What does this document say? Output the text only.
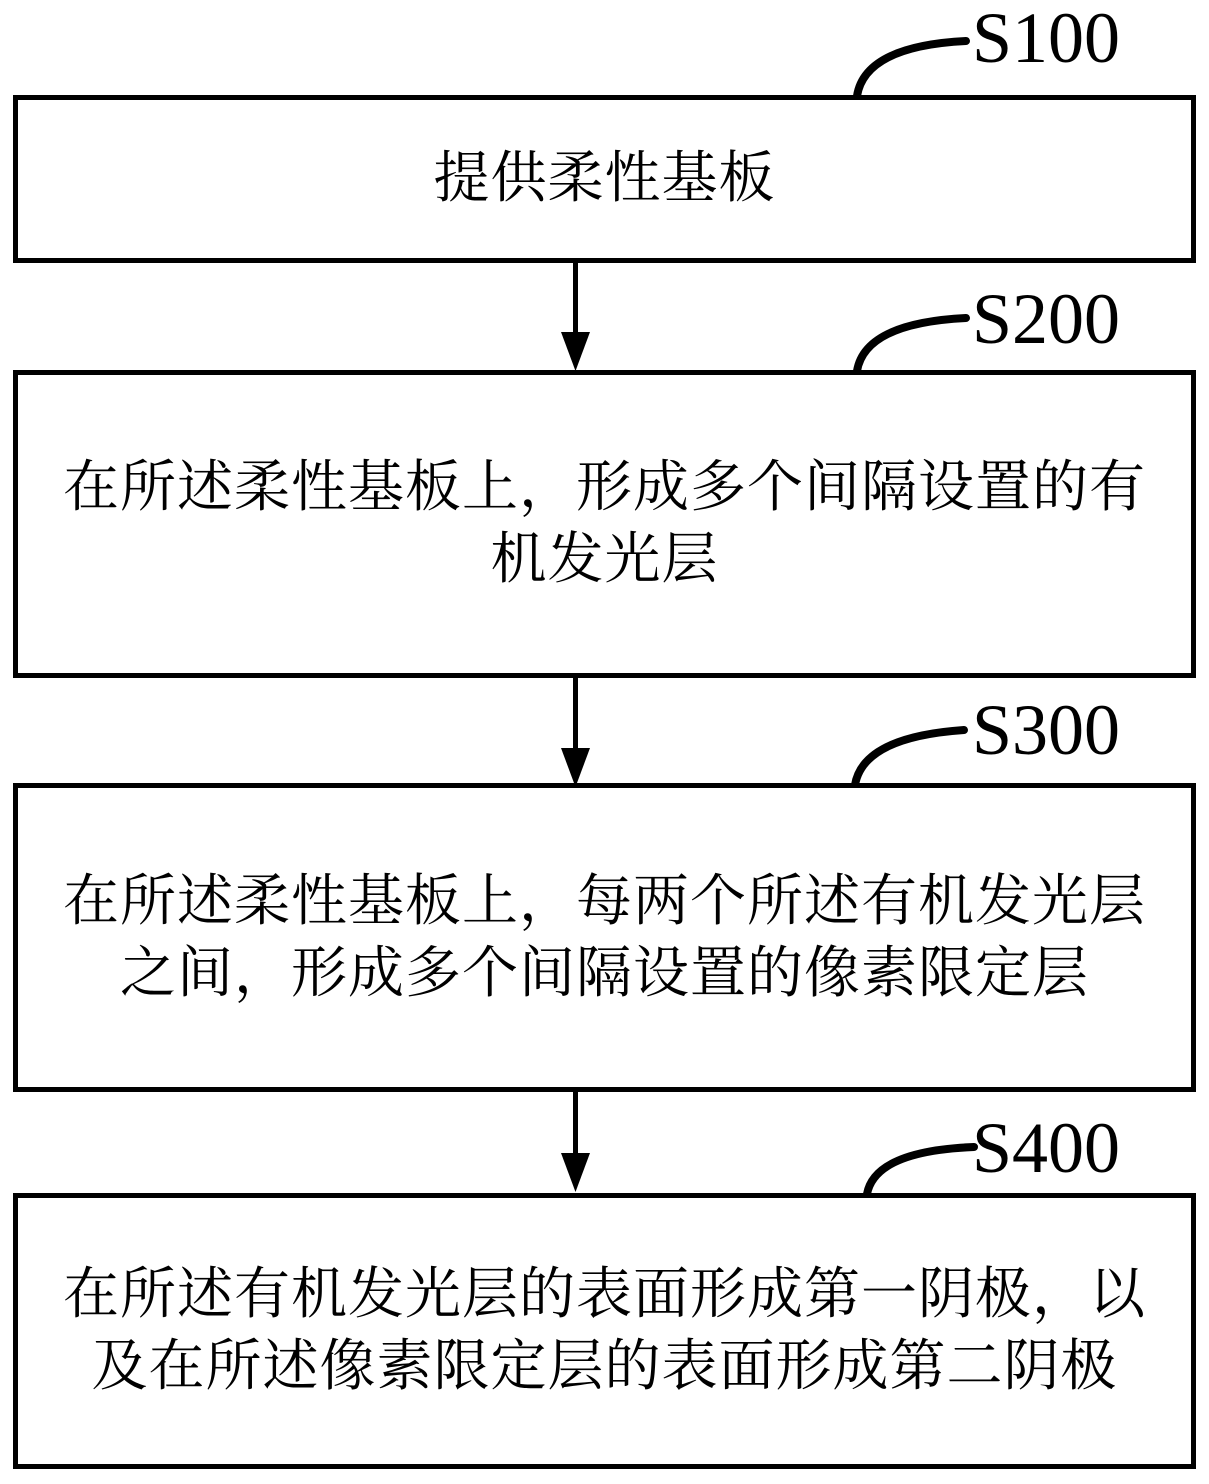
提供柔性基板
在所述柔性基板上，形成多个间隔设置的有
机发光层
在所述柔性基板上，每两个所述有机发光层
之间，形成多个间隔设置的像素限定层
在所述有机发光层的表面形成第一阴极，以
及在所述像素限定层的表面形成第二阴极
S100
S200
S300
S400
